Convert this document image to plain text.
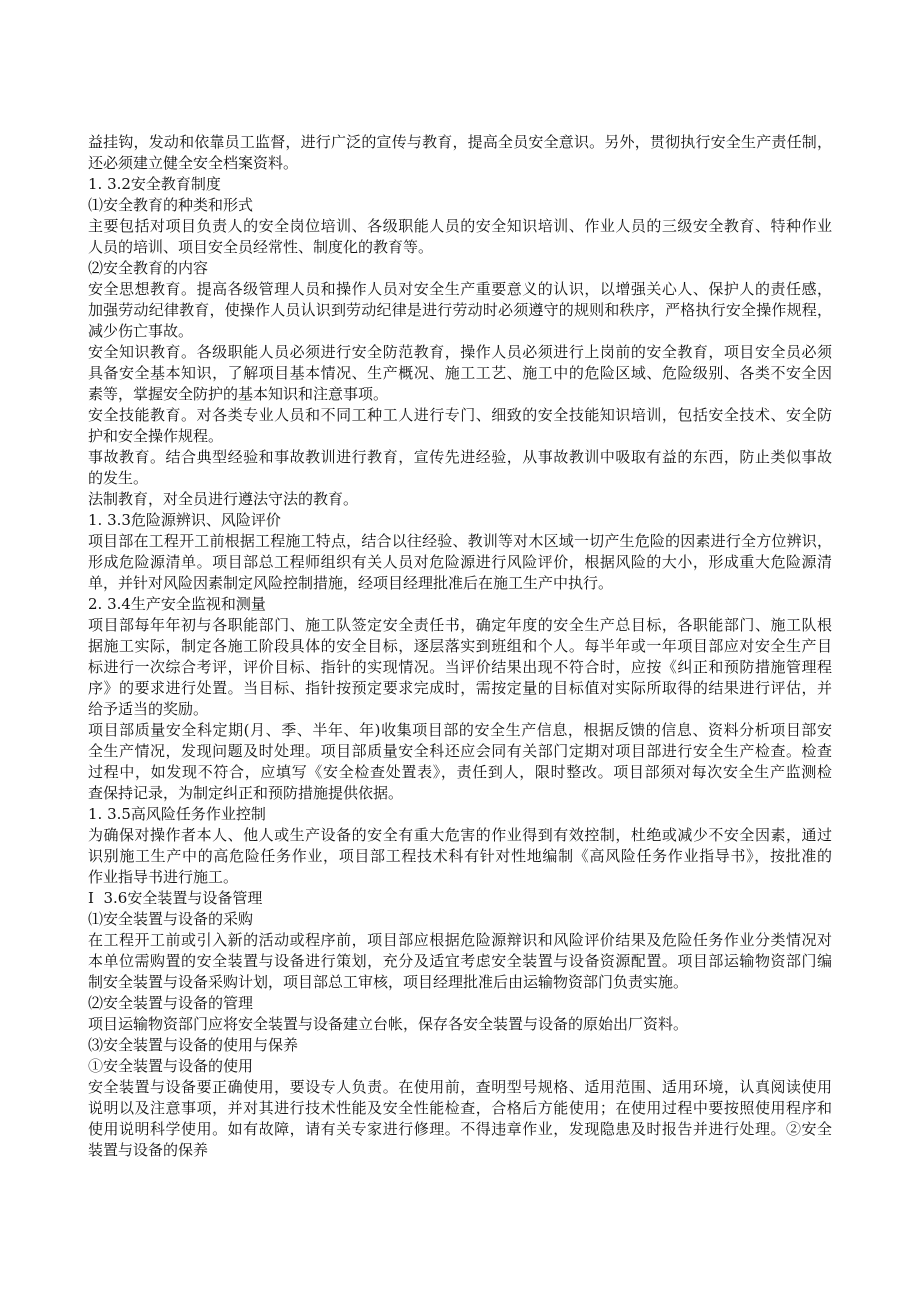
益挂钩，发动和依靠员工监督，进行广泛的宣传与教育，提高全员安全意识。另外，贯彻执行安全生产责任制，
还必须建立健全安全档案资料。
1. 3.2安全教育制度
⑴安全教育的种类和形式
主要包括对项目负责人的安全岗位培训、各级职能人员的安全知识培训、作业人员的三级安全教育、特种作业
人员的培训、项目安全员经常性、制度化的教育等。
⑵安全教育的内容
安全思想教育。提高各级管理人员和操作人员对安全生产重要意义的认识，以增强关心人、保护人的责任感，
加强劳动纪律教育，使操作人员认识到劳动纪律是进行劳动时必须遵守的规则和秩序，严格执行安全操作规程，
减少伤亡事故。
安全知识教育。各级职能人员必须进行安全防范教育，操作人员必须进行上岗前的安全教育，项目安全员必须
具备安全基本知识，了解项目基本情况、生产概况、施工工艺、施工中的危险区域、危险级别、各类不安全因
素等，掌握安全防护的基本知识和注意事项。
安全技能教育。对各类专业人员和不同工种工人进行专门、细致的安全技能知识培训，包括安全技术、安全防
护和安全操作规程。
事故教育。结合典型经验和事故教训进行教育，宣传先进经验，从事故教训中吸取有益的东西，防止类似事故
的发生。
法制教育，对全员进行遵法守法的教育。
1. 3.3危险源辨识、风险评价
项目部在工程开工前根据工程施工特点，结合以往经验、教训等对木区域一切产生危险的因素进行全方位辨识，
形成危险源清单。项目部总工程师组织有关人员对危险源进行风险评价，根据风险的大小，形成重大危险源清
单，并针对风险因素制定风险控制措施，经项目经理批准后在施工生产中执行。
2. 3.4生产安全监视和测量
项目部每年年初与各职能部门、施工队签定安全责任书，确定年度的安全生产总目标，各职能部门、施工队根
据施工实际，制定各施工阶段具体的安全目标，逐层落实到班组和个人。每半年或一年项目部应对安全生产目
标进行一次综合考评，评价目标、指针的实现情况。当评价结果出现不符合时，应按《纠正和预防措施管理程
序》的要求进行处置。当目标、指针按预定要求完成时，需按定量的目标值对实际所取得的结果进行评估，并
给予适当的奖励。
项目部质量安全科定期(月、季、半年、年)收集项目部的安全生产信息，根据反馈的信息、资料分析项目部安
全生产情况，发现问题及时处理。项目部质量安全科还应会同有关部门定期对项目部进行安全生产检查。检查
过程中，如发现不符合，应填写《安全检查处置表》，责任到人，限时整改。项目部须对每次安全生产监测检
查保持记录，为制定纠正和预防措施提供依据。
1. 3.5高风险任务作业控制
为确保对操作者本人、他人或生产设备的安全有重大危害的作业得到有效控制，杜绝或减少不安全因素，通过
识别施工生产中的高危险任务作业，项目部工程技术科有针对性地编制《高风险任务作业指导书》，按批准的
作业指导书进行施工。
I  3.6安全装置与设备管理
⑴安全装置与设备的采购
在工程开工前或引入新的活动或程序前，项目部应根据危险源辩识和风险评价结果及危险任务作业分类情况对
本单位需购置的安全装置与设备进行策划，充分及适宜考虑安全装置与设备资源配置。项目部运输物资部门编
制安全装置与设备采购计划，项目部总工审核，项目经理批准后由运输物资部门负责实施。
⑵安全装置与设备的管理
项目运输物资部门应将安全装置与设备建立台帐，保存各安全装置与设备的原始出厂资料。
⑶安全装置与设备的使用与保养
①安全装置与设备的使用
安全装置与设备要正确使用，要设专人负责。在使用前，查明型号规格、适用范围、适用环境，认真阅读使用
说明以及注意事项，并对其进行技术性能及安全性能检查，合格后方能使用；在使用过程中要按照使用程序和
使用说明科学使用。如有故障，请有关专家进行修理。不得违章作业，发现隐患及时报告并进行处理。②安全
装置与设备的保养
